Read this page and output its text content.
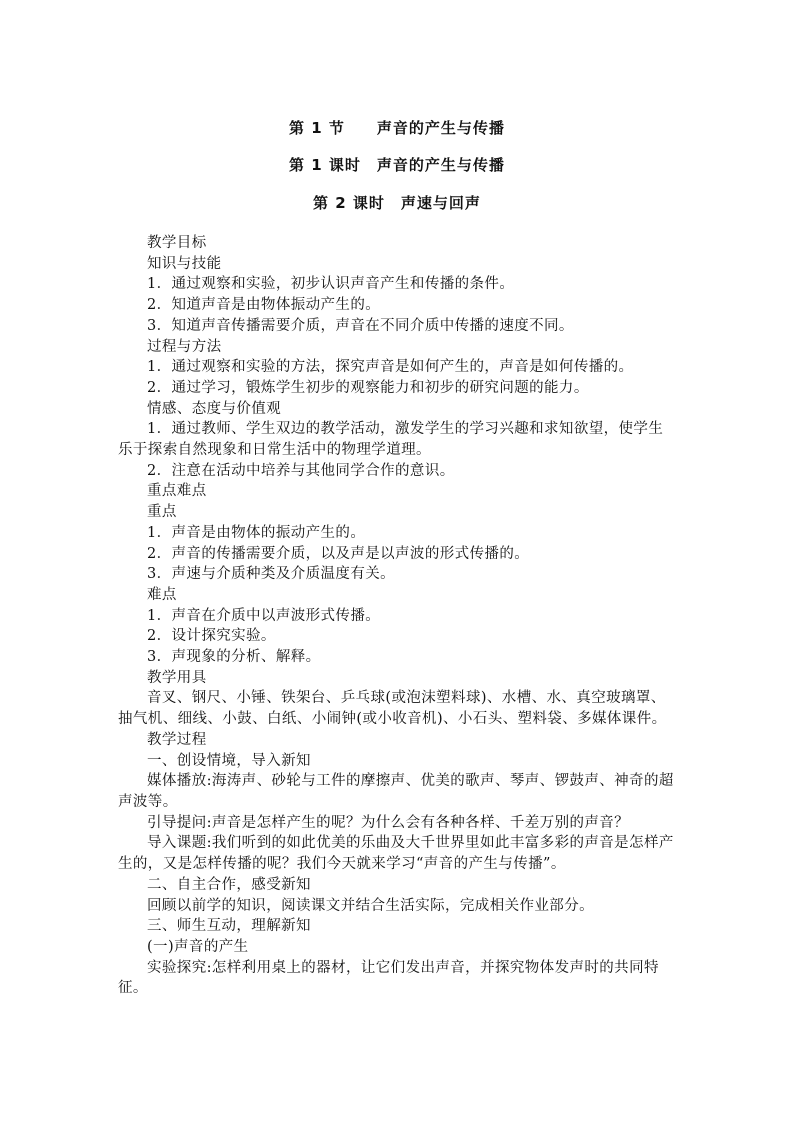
第 1 节　　声音的产生与传播
第 1 课时　声音的产生与传播
第 2 课时　声速与回声

教学目标

知识与技能

1．通过观察和实验，初步认识声音产生和传播的条件。

2．知道声音是由物体振动产生的。

3．知道声音传播需要介质，声音在不同介质中传播的速度不同。

过程与方法

1．通过观察和实验的方法，探究声音是如何产生的，声音是如何传播的。

2．通过学习，锻炼学生初步的观察能力和初步的研究问题的能力。

情感、态度与价值观

1．通过教师、学生双边的教学活动，激发学生的学习兴趣和求知欲望，使学生乐于探索自然现象和日常生活中的物理学道理。

2．注意在活动中培养与其他同学合作的意识。

重点难点

重点

1．声音是由物体的振动产生的。

2．声音的传播需要介质，以及声是以声波的形式传播的。

3．声速与介质种类及介质温度有关。

难点

1．声音在介质中以声波形式传播。

2．设计探究实验。

3．声现象的分析、解释。

教学用具

音叉、钢尺、小锤、铁架台、乒乓球(或泡沫塑料球)、水槽、水、真空玻璃罩、抽气机、细线、小鼓、白纸、小闹钟(或小收音机)、小石头、塑料袋、多媒体课件。

教学过程

一、创设情境，导入新知

媒体播放:海涛声、砂轮与工件的摩擦声、优美的歌声、琴声、锣鼓声、神奇的超声波等。

引导提问:声音是怎样产生的呢？为什么会有各种各样、千差万别的声音？

导入课题:我们听到的如此优美的乐曲及大千世界里如此丰富多彩的声音是怎样产生的，又是怎样传播的呢？我们今天就来学习“声音的产生与传播”。

二、自主合作，感受新知

回顾以前学的知识，阅读课文并结合生活实际，完成相关作业部分。

三、师生互动，理解新知

(一)声音的产生

实验探究:怎样利用桌上的器材，让它们发出声音，并探究物体发声时的共同特征。
